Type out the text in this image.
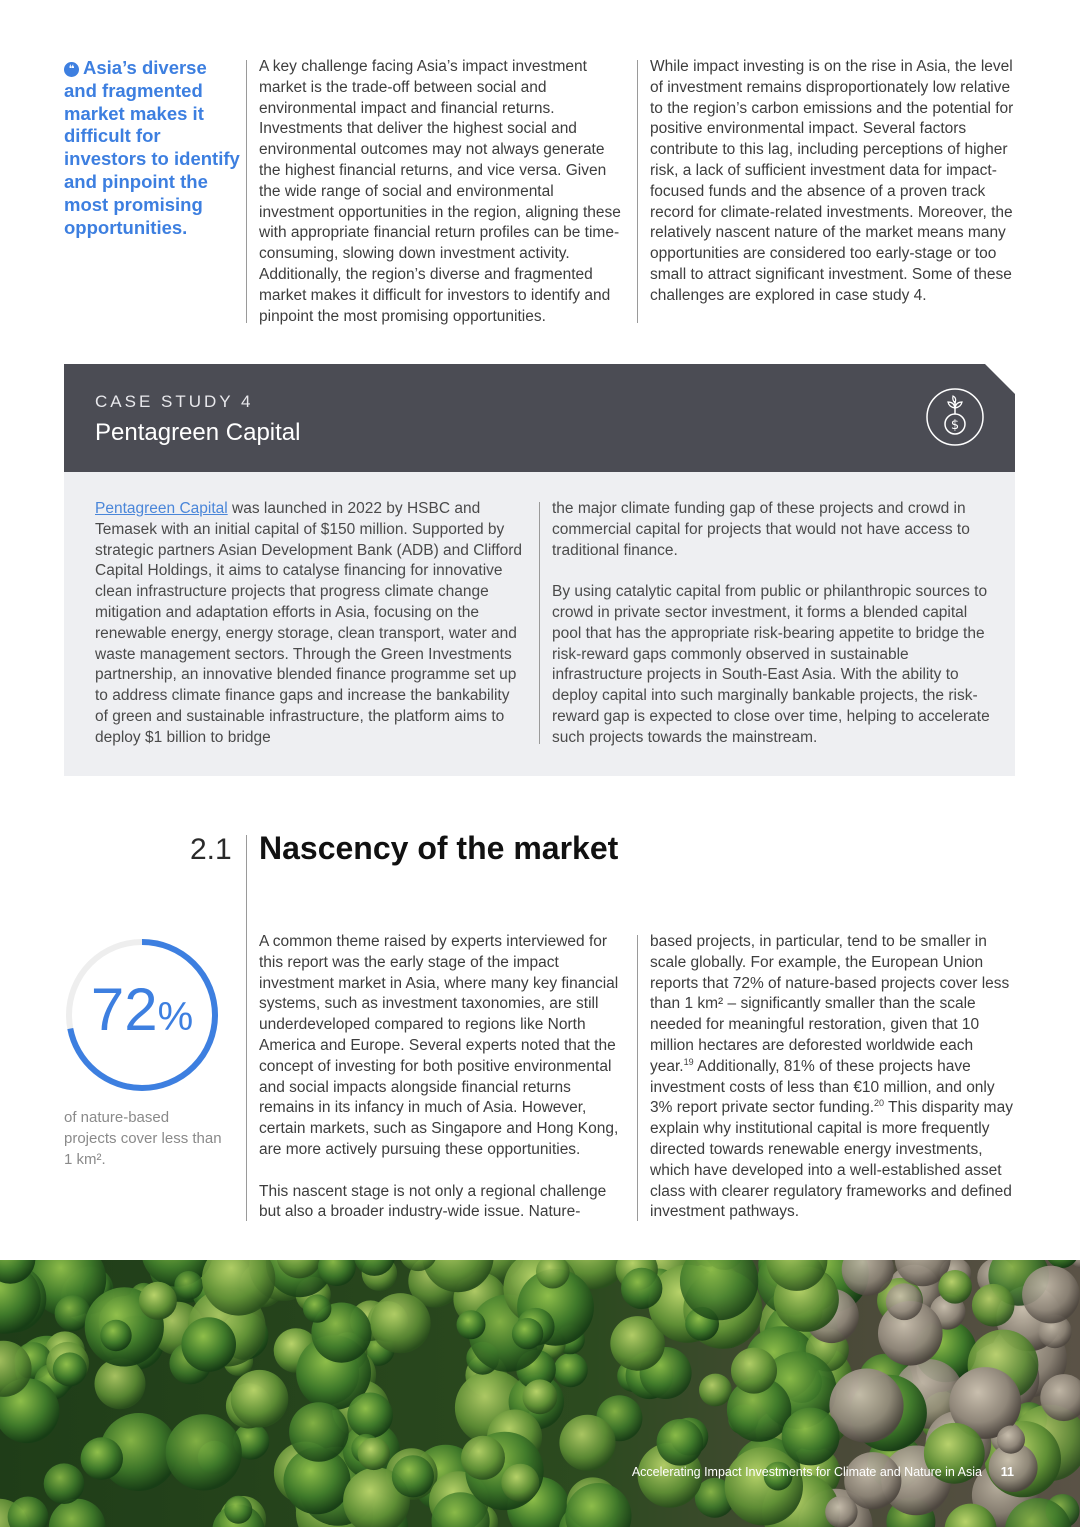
❝ Asia’s diverse and fragmented market makes it difficult for investors to identify and pinpoint the most promising opportunities.

A key challenge facing Asia’s impact investment market is the trade-off between social and environmental impact and financial returns. Investments that deliver the highest social and environmental outcomes may not always generate the highest financial returns, and vice versa. Given the wide range of social and environmental investment opportunities in the region, aligning these with appropriate financial return profiles can be time-consuming, slowing down investment activity. Additionally, the region’s diverse and fragmented market makes it difficult for investors to identify and pinpoint the most promising opportunities.

While impact investing is on the rise in Asia, the level of investment remains disproportionately low relative to the region’s carbon emissions and the potential for positive environmental impact. Several factors contribute to this lag, including perceptions of higher risk, a lack of sufficient investment data for impact-focused funds and the absence of a proven track record for climate-related investments. Moreover, the relatively nascent nature of the market means many opportunities are considered too early-stage or too small to attract significant investment. Some of these challenges are explored in case study 4.

CASE STUDY 4
Pentagreen Capital	$

Pentagreen Capital was launched in 2022 by HSBC and Temasek with an initial capital of $150 million. Supported by strategic partners Asian Development Bank (ADB) and Clifford Capital Holdings, it aims to catalyse financing for innovative clean infrastructure projects that progress climate change mitigation and adaptation efforts in Asia, focusing on the renewable energy, energy storage, clean transport, water and waste management sectors. Through the Green Investments partnership, an innovative blended finance programme set up to address climate finance gaps and increase the bankability of green and sustainable infrastructure, the platform aims to deploy $1 billion to bridge

the major climate funding gap of these projects and crowd in commercial capital for projects that would not have access to traditional finance.

By using catalytic capital from public or philanthropic sources to crowd in private sector investment, it forms a blended capital pool that has the appropriate risk-bearing appetite to bridge the risk-reward gaps commonly observed in sustainable infrastructure projects in South-East Asia. With the ability to deploy capital into such marginally bankable projects, the risk-reward gap is expected to close over time, helping to accelerate such projects towards the mainstream.

2.1 Nascency of the market
72%
of nature-based projects cover less than 1 km².

A common theme raised by experts interviewed for this report was the early stage of the impact investment market in Asia, where many key financial systems, such as investment taxonomies, are still underdeveloped compared to regions like North America and Europe. Several experts noted that the concept of investing for both positive environmental and social impacts alongside financial returns remains in its infancy in much of Asia. However, certain markets, such as Singapore and Hong Kong, are more actively pursuing these opportunities.

This nascent stage is not only a regional challenge but also a broader industry-wide issue. Nature-

based projects, in particular, tend to be smaller in scale globally. For example, the European Union reports that 72% of nature-based projects cover less than 1 km² – significantly smaller than the scale needed for meaningful restoration, given that 10 million hectares are deforested worldwide each year.$^{19}$ Additionally, 81% of these projects have investment costs of less than €10 million, and only 3% report private sector funding.$^{20}$ This disparity may explain why institutional capital is more frequently directed towards renewable energy investments, which have developed into a well-established asset class with clearer regulatory frameworks and defined investment pathways.

Accelerating Impact Investments for Climate and Nature in Asia 11
